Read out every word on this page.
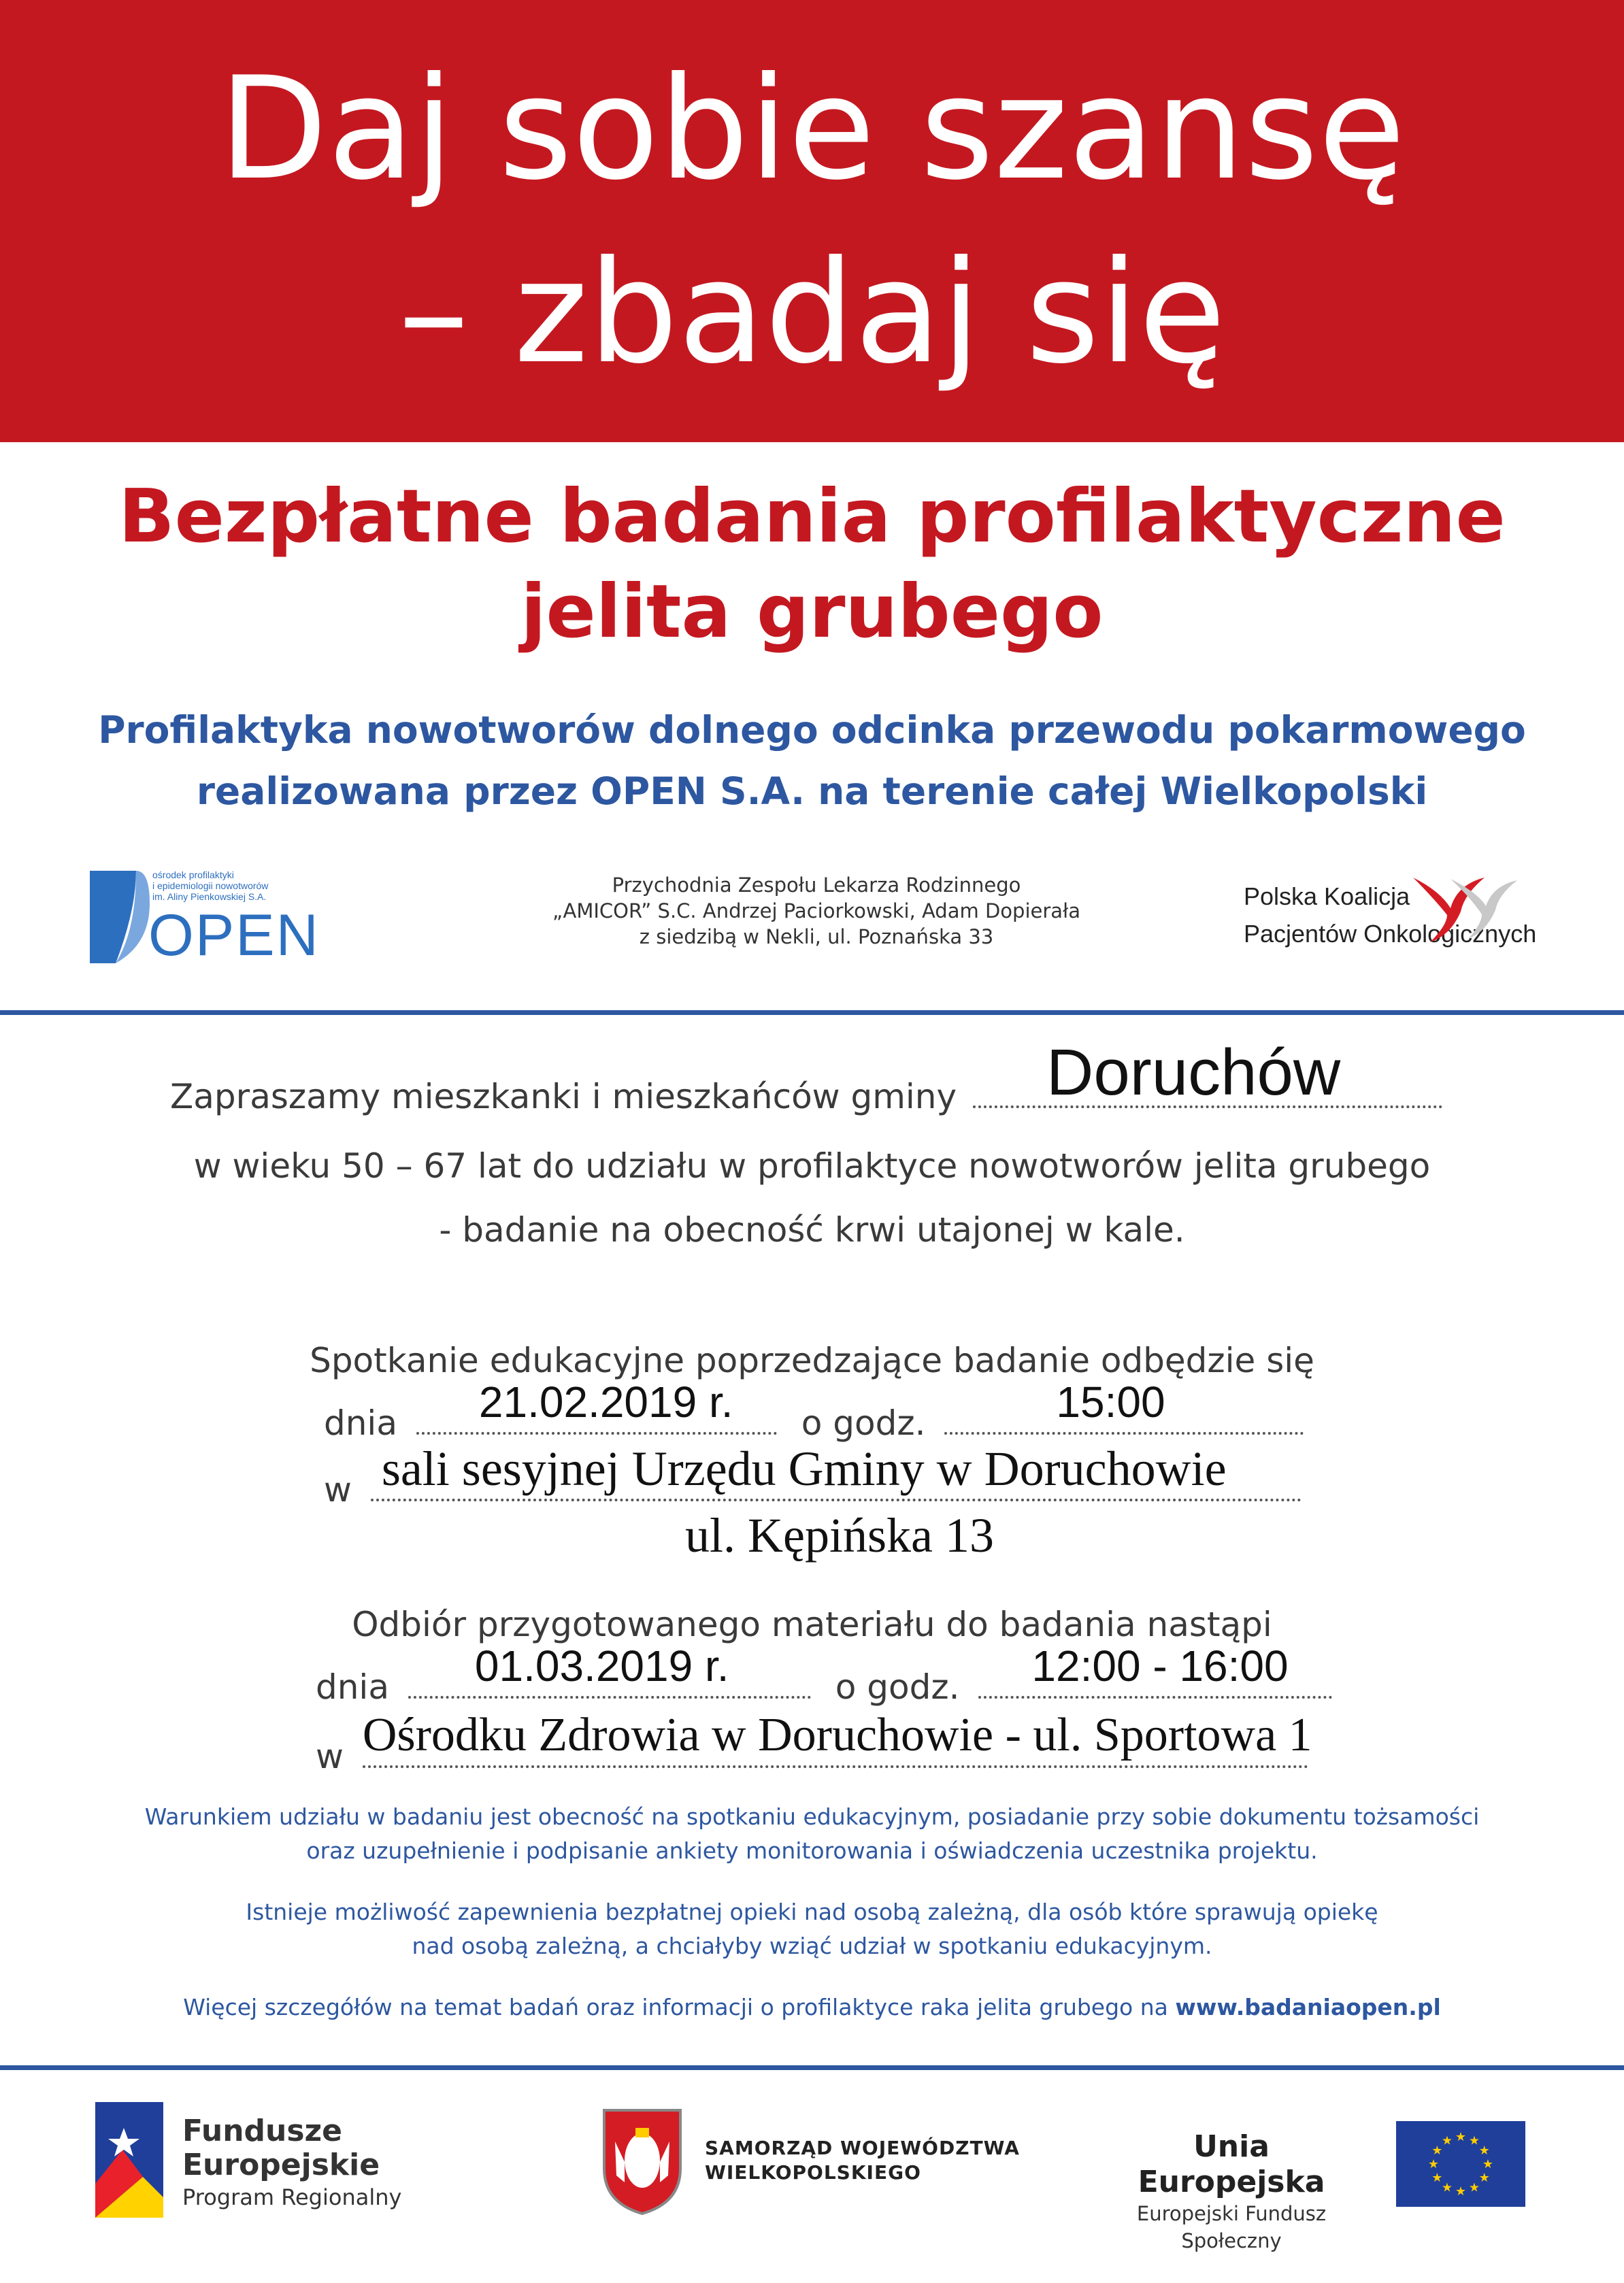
Daj sobie szansę
– zbadaj się
Bezpłatne badania profilaktyczne
jelita grubego
Profilaktyka nowotworów dolnego odcinka przewodu pokarmowego
realizowana przez OPEN S.A. na terenie całej Wielkopolski
ośrodek profilaktyki
i epidemiologii nowotworów
im. Aliny Pienkowskiej S.A.
OPEN
Przychodnia Zespołu Lekarza Rodzinnego
„AMICOR” S.C. Andrzej Paciorkowski, Adam Dopierała
z siedzibą w Nekli, ul. Poznańska 33
Polska Koalicja
Pacjentów Onkologicznych
Zapraszamy mieszkanki i mieszkańców gminy Doruchów
w wieku 50 – 67 lat do udziału w profilaktyce nowotworów jelita grubego
- badanie na obecność krwi utajonej w kale.
Spotkanie edukacyjne poprzedzające badanie odbędzie się
dnia 21.02.2019 r. o godz.	15:00
w sali sesyjnej Urzędu Gminy w Doruchowie
ul. Kępińska 13
Odbiór przygotowanego materiału do badania nastąpi
dnia 01.03.2019 r.	o godz. 12:00 - 16:00
w Ośrodku Zdrowia w Doruchowie - ul. Sportowa 1
Warunkiem udziału w badaniu jest obecność na spotkaniu edukacyjnym, posiadanie przy sobie dokumentu tożsamości
oraz uzupełnienie i podpisanie ankiety monitorowania i oświadczenia uczestnika projektu.
Istnieje możliwość zapewnienia bezpłatnej opieki nad osobą zależną, dla osób które sprawują opiekę
nad osobą zależną, a chciałyby wziąć udział w spotkaniu edukacyjnym.
Więcej szczegółów na temat badań oraz informacji o profilaktyce raka jelita grubego na www.badaniaopen.pl
Fundusze
Europejskie
Program Regionalny
SAMORZĄD WOJEWÓDZTWA
WIELKOPOLSKIEGO
Unia Europejska
Europejski Fundusz Społeczny
★
★
★
★
★
★
★
★
★ ★ ★
★
